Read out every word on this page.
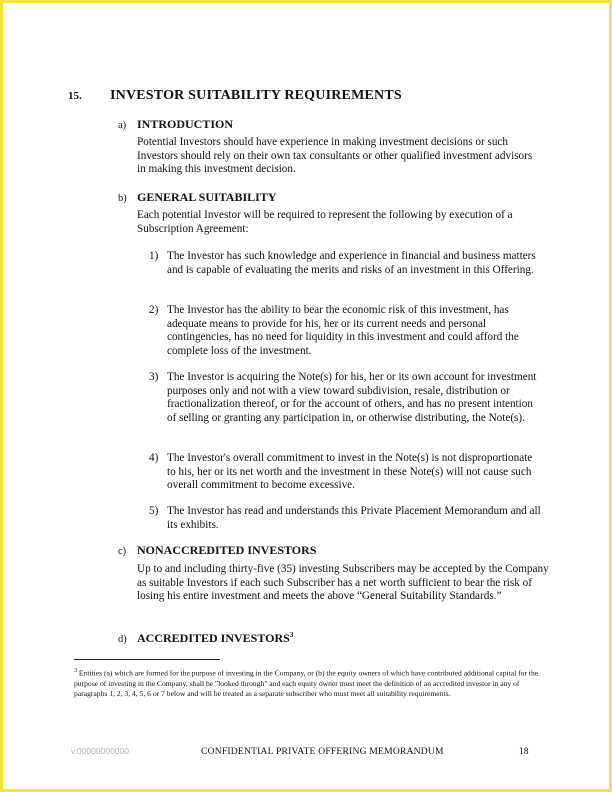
15. INVESTOR SUITABILITY REQUIREMENTS
a) INTRODUCTION
Potential Investors should have experience in making investment decisions or such Investors should rely on their own tax consultants or other qualified investment advisors in making this investment decision.
b) GENERAL SUITABILITY
Each potential Investor will be required to represent the following by execution of a Subscription Agreement:
1) The Investor has such knowledge and experience in financial and business matters and is capable of evaluating the merits and risks of an investment in this Offering.
2) The Investor has the ability to bear the economic risk of this investment, has adequate means to provide for his, her or its current needs and personal contingencies, has no need for liquidity in this investment and could afford the complete loss of the investment.
3) The Investor is acquiring the Note(s) for his, her or its own account for investment purposes only and not with a view toward subdivision, resale, distribution or fractionalization thereof, or for the account of others, and has no present intention of selling or granting any participation in, or otherwise distributing, the Note(s).
4) The Investor's overall commitment to invest in the Note(s) is not disproportionate to his, her or its net worth and the investment in these Note(s) will not cause such overall commitment to become excessive.
5) The Investor has read and understands this Private Placement Memorandum and all its exhibits.
c) NONACCREDITED INVESTORS
Up to and including thirty-five (35) investing Subscribers may be accepted by the Company as suitable Investors if each such Subscriber has a net worth sufficient to bear the risk of losing his entire investment and meets the above “General Suitability Standards.”
d) ACCREDITED INVESTORS$^3$
$^3$ Entities (a) which are formed for the purpose of investing in the Company, or (b) the equity owners of which have contributed additional capital for the purpose of investing in the Company, shall be "looked through" and each equity owner must meet the definition of an accredited investor in any of paragraphs 1, 2, 3, 4, 5, 6 or 7 below and will be treated as a separate subscriber who must meet all suitability requirements.
v.00000000000	CONFIDENTIAL PRIVATE OFFERING MEMORANDUM	18
